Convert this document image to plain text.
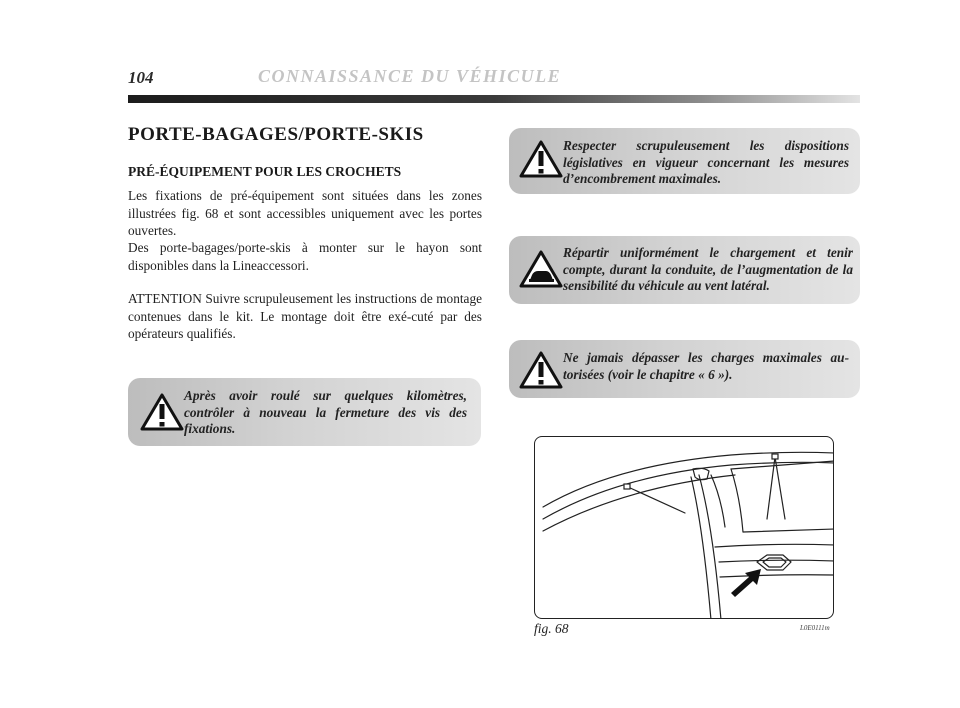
104	CONNAISSANCE DU VÉHICULE
PORTE-BAGAGES/PORTE-SKIS
PRÉ-ÉQUIPEMENT POUR LES CROCHETS

Les fixations de pré-équipement sont situées dans les zones illustrées fig. 68 et sont accessibles uniquement avec les portes ouvertes.

Des porte-bagages/porte-skis à monter sur le hayon sont disponibles dans la Lineaccessori.

ATTENTION Suivre scrupuleusement les instructions de montage contenues dans le kit. Le montage doit être exé-cuté par des opérateurs qualifiés.

Après avoir roulé sur quelques kilomètres, contrôler à nouveau la fermeture des vis des fixations.
Respecter scrupuleusement les dispositions législatives en vigueur concernant les mesures d’encombrement maximales.
Répartir uniformément le chargement et tenir compte, durant la conduite, de l’augmentation de la sensibilité du véhicule au vent latéral.
Ne jamais dépasser les charges maximales au-torisées (voir le chapitre « 6 »).
fig. 68	L0E0111m
